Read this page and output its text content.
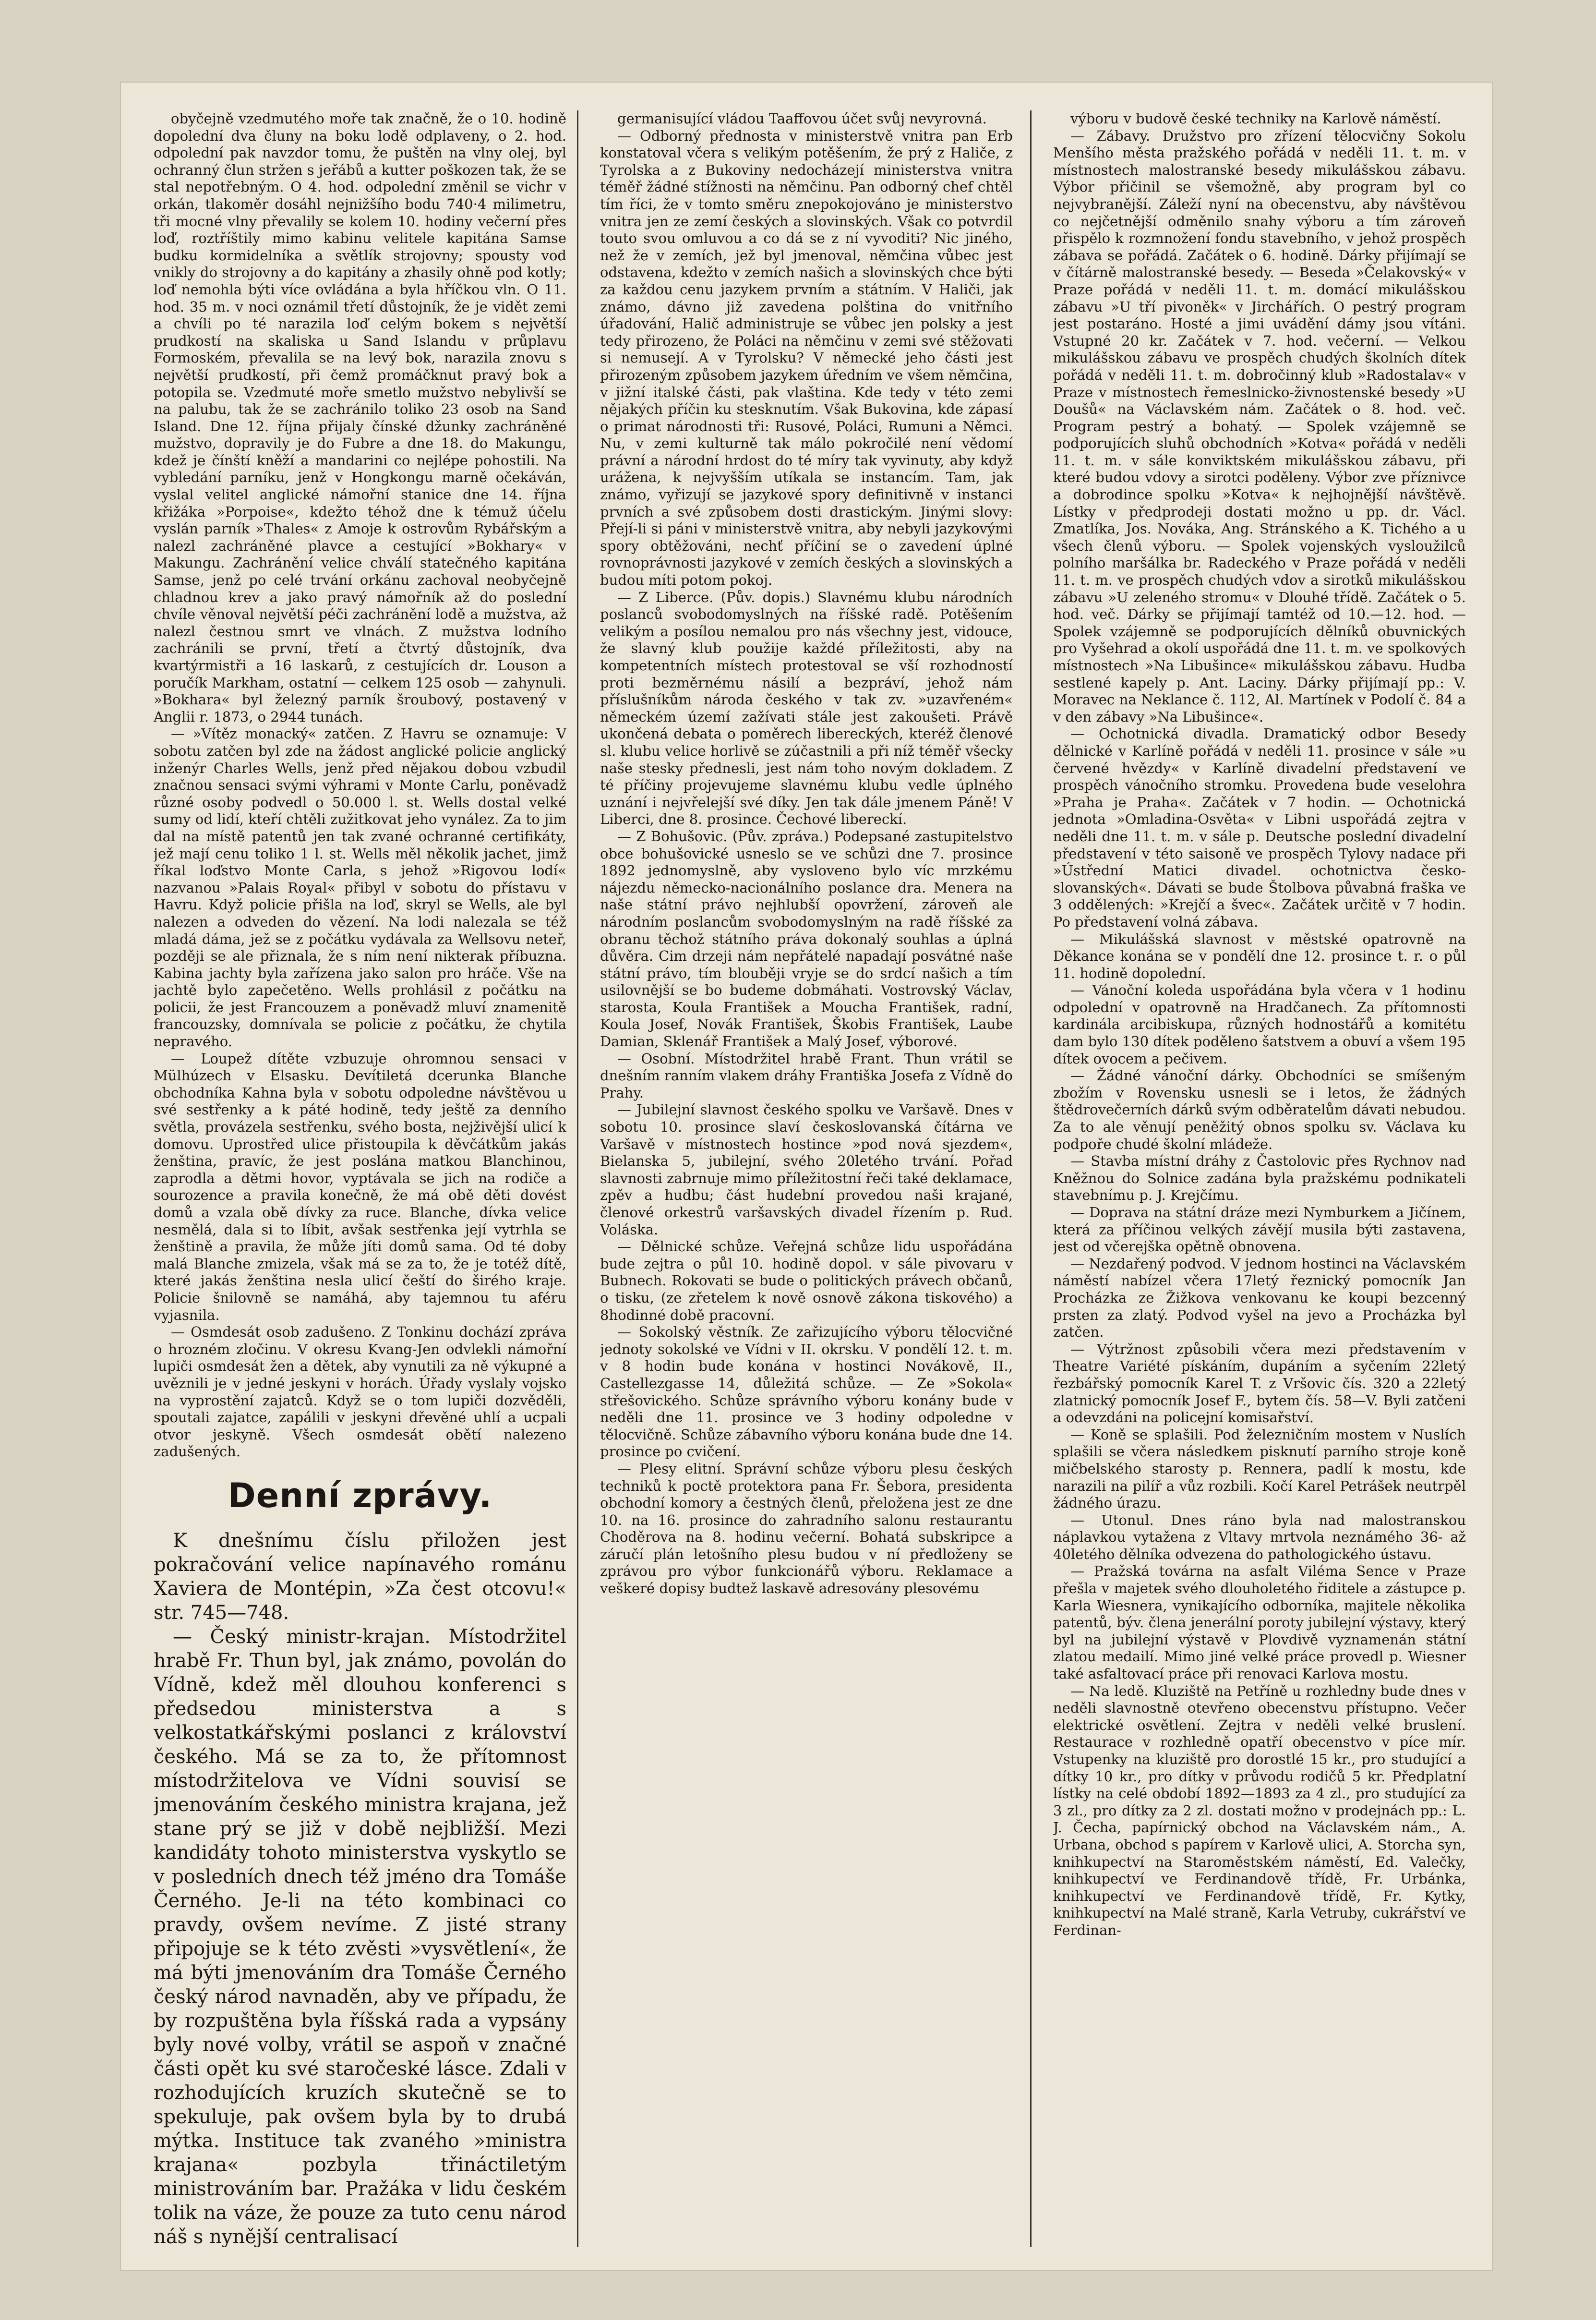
obyčejně vzedmutého moře tak značně, že o 10. hodině dopolední dva čluny na boku lodě odplaveny, o 2. hod. odpolední pak navzdor tomu, že puštěn na vlny olej, byl ochranný člun stržen s jeřábů a kutter poškozen tak, že se stal nepotřebným. O 4. hod. odpolední změnil se vichr v orkán, tlakoměr dosáhl nejnižšího bodu 740·4 milimetru, tři mocné vlny převalily se kolem 10. hodiny večerní přes loď, roztříštily mimo kabinu velitele kapitána Samse budku kormidelníka a světlík strojovny; spousty vod vnikly do strojovny a do kapitány a zhasily ohně pod kotly; loď nemohla býti více ovládána a byla hříčkou vln. O 11. hod. 35 m. v noci oznámil třetí důstojník, že je vidět zemi a chvíli po té narazila loď celým bokem s největší prudkostí na skaliska u Sand Islandu v průplavu Formoském, převalila se na levý bok, narazila znovu s největší prudkostí, při čemž promáčknut pravý bok a potopila se. Vzedmuté moře smetlo mužstvo nebylivší se na palubu, tak že se zachránilo toliko 23 osob na Sand Island. Dne 12. října přijaly čínské džunky zachráněné mužstvo, dopravily je do Fubre a dne 18. do Makungu, kdež je čínští kněží a mandarini co nejlépe pohostili. Na vybledání parníku, jenž v Hongkongu marně očekáván, vyslal velitel anglické námořní stanice dne 14. října křižáka »Porpoise«, kdežto téhož dne k témuž účelu vyslán parník »Thales« z Amoje k ostrovům Rybářským a nalezl zachráněné plavce a cestující »Bokhary« v Makungu. Zachránění velice chválí statečného kapitána Samse, jenž po celé trvání orkánu zachoval neobyčejně chladnou krev a jako pravý námořník až do poslední chvíle věnoval největší péči zachránění lodě a mužstva, až nalezl čestnou smrt ve vlnách. Z mužstva lodního zachránili se první, třetí a čtvrtý důstojník, dva kvartýrmistři a 16 laskarů, z cestujících dr. Louson a poručík Markham, ostatní — celkem 125 osob — zahynuli. »Bokhara« byl železný parník šroubový, postavený v Anglii r. 1873, o 2944 tunách.

— »Vítěz monacký« zatčen. Z Havru se oznamuje: V sobotu zatčen byl zde na žádost anglické policie anglický inženýr Charles Wells, jenž před nějakou dobou vzbudil značnou sensaci svými výhrami v Monte Carlu, poněvadž různé osoby podvedl o 50.000 l. st. Wells dostal velké sumy od lidí, kteří chtěli zužitkovat jeho vynález. Za to jim dal na místě patentů jen tak zvané ochranné certifikáty, jež mají cenu toliko 1 l. st. Wells měl několik jachet, jimž říkal loďstvo Monte Carla, s jehož »Rigovou lodí« nazvanou »Palais Royal« přibyl v sobotu do přístavu v Havru. Když policie přišla na loď, skryl se Wells, ale byl nalezen a odveden do vězení. Na lodi nalezala se též mladá dáma, jež se z počátku vydávala za Wellsovu neteř, později se ale přiznala, že s ním není nikterak příbuzna. Kabina jachty byla zařízena jako salon pro hráče. Vše na jachtě bylo zapečetěno. Wells prohlásil z počátku na policii, že jest Francouzem a poněvadž mluví znamenitě francouzsky, domnívala se policie z počátku, že chytila nepravého.

— Loupež dítěte vzbuzuje ohromnou sensaci v Mülhúzech v Elsasku. Devítiletá dcerunka Blanche obchodníka Kahna byla v sobotu odpoledne návštěvou u své sestřenky a k páté hodině, tedy ještě za denního světla, provázela sestřenku, svého bosta, nejživější ulicí k domovu. Uprostřed ulice přistoupila k děvčátkům jakás ženština, pravíc, že jest poslána matkou Blanchinou, zaprodla a dětmi hovor, vyptávala se jich na rodiče a sourozence a pravila konečně, že má obě děti dovést domů a vzala obě dívky za ruce. Blanche, dívka velice nesmělá, dala si to líbit, avšak sestřenka její vytrhla se ženštině a pravila, že může jíti domů sama. Od té doby malá Blanche zmizela, však má se za to, že je totéž dítě, které jakás ženština nesla ulicí čeští do širého kraje. Policie šnilovně se namáhá, aby tajemnou tu aféru vyjasnila.

— Osmdesát osob zadušeno. Z Tonkinu dochází zpráva o hrozném zločinu. V okresu Kvang-Jen odvlekli námořní lupiči osmdesát žen a dětek, aby vynutili za ně výkupné a uvěznili je v jedné jeskyni v horách. Úřady vyslaly vojsko na vyprostění zajatců. Když se o tom lupiči dozvěděli, spoutali zajatce, zapálili v jeskyni dřevěné uhlí a ucpali otvor jeskyně. Všech osmdesát obětí nalezeno zadušených.

Denní zprávy.

K dnešnímu číslu přiložen jest pokračování velice napínavého románu Xaviera de Montépin, »Za čest otcovu!« str. 745—748.

— Český ministr-krajan. Místodržitel hrabě Fr. Thun byl, jak známo, povolán do Vídně, kdež měl dlouhou konferenci s předsedou ministerstva a s velkostatkářskými poslanci z království českého. Má se za to, že přítomnost místodržitelova ve Vídni souvisí se jmenováním českého ministra krajana, jež stane prý se již v době nejbližší. Mezi kandidáty tohoto ministerstva vyskytlo se v posledních dnech též jméno dra Tomáše Černého. Je-li na této kombinaci co pravdy, ovšem nevíme. Z jisté strany připojuje se k této zvěsti »vysvětlení«, že má býti jmenováním dra Tomáše Černého český národ navnaděn, aby ve případu, že by rozpuštěna byla říšská rada a vypsány byly nové volby, vrátil se aspoň v značné části opět ku své staročeské lásce. Zdali v rozhodujících kruzích skutečně se to spekuluje, pak ovšem byla by to drubá mýtka. Instituce tak zvaného »ministra krajana« pozbyla třináctiletým ministrováním bar. Pražáka v lidu českém tolik na váze, že pouze za tuto cenu národ náš s nynější centralisací

germanisující vládou Taaffovou účet svůj nevyrovná.

— Odborný přednosta v ministerstvě vnitra pan Erb konstatoval včera s velikým potěšením, že prý z Haliče, z Tyrolska a z Bukoviny nedocházejí ministerstva vnitra téměř žádné stížnosti na němčinu. Pan odborný chef chtěl tím říci, že v tomto směru znepokojováno je ministerstvo vnitra jen ze zemí českých a slovinských. Však co potvrdil touto svou omluvou a co dá se z ní vyvoditi? Nic jiného, než že v zemích, jež byl jmenoval, němčina vůbec jest odstavena, kdežto v zemích našich a slovinských chce býti za každou cenu jazykem prvním a státním. V Haliči, jak známo, dávno již zavedena polština do vnitřního úřadování, Halič administruje se vůbec jen polsky a jest tedy přirozeno, že Poláci na němčinu v zemi své stěžovati si nemusejí. A v Tyrolsku? V německé jeho části jest přirozeným způsobem jazykem úředním ve všem němčina, v jižní italské části, pak vlaština. Kde tedy v této zemi nějakých příčin ku stesknutím. Však Bukovina, kde zápasí o primat národnosti tři: Rusové, Poláci, Rumuni a Němci. Nu, v zemi kulturně tak málo pokročilé není vědomí právní a národní hrdost do té míry tak vyvinuty, aby když urážena, k nejvyšším utíkala se instancím. Tam, jak známo, vyřizují se jazykové spory definitivně v instanci prvních a své způsobem dosti drastickým. Jinými slovy: Přejí-li si páni v ministerstvě vnitra, aby nebyli jazykovými spory obtěžováni, nechť příčiní se o zavedení úplné rovnoprávnosti jazykové v zemích českých a slovinských a budou míti potom pokoj.

— Z Liberce. (Pův. dopis.) Slavnému klubu národních poslanců svobodomyslných na říšské radě. Potěšením velikým a posílou nemalou pro nás všechny jest, vidouce, že slavný klub použije každé příležitosti, aby na kompetentních místech protestoval se vší rozhodností proti bezměrnému násilí a bezpráví, jehož nám příslušníkům národa českého v tak zv. »uzavřeném« německém území zažívati stále jest zakoušeti. Právě ukončená debata o poměrech libereckých, kteréž členové sl. klubu velice horlivě se zúčastnili a při níž téměř všecky naše stesky přednesli, jest nám toho novým dokladem. Z té příčiny projevujeme slavnému klubu vedle úplného uznání i nejvřelejší své díky. Jen tak dále jmenem Páně! V Liberci, dne 8. prosince. Čechové libereckí.

— Z Bohušovic. (Pův. zpráva.) Podepsané zastupitelstvo obce bohušovické usneslo se ve schůzi dne 7. prosince 1892 jednomyslně, aby vysloveno bylo víc mrzkému nájezdu německo-nacionálního poslance dra. Menera na naše státní právo nejhlubší opovržení, zároveň ale národním poslancům svobodomyslným na radě říšské za obranu těchož státního práva dokonalý souhlas a úplná důvěra. Cim drzeji nám nepřátelé napadají posvátné naše státní právo, tím blouběji vryje se do srdcí našich a tím usilovnější se bo budeme dobmáhati. Vostrovský Václav, starosta, Koula František a Moucha František, radní, Koula Josef, Novák František, Škobis František, Laube Damian, Sklenář František a Malý Josef, výborové.

— Osobní. Místodržitel hrabě Frant. Thun vrátil se dnešním ranním vlakem dráhy Františka Josefa z Vídně do Prahy.

— Jubilejní slavnost českého spolku ve Varšavě. Dnes v sobotu 10. prosince slaví českoslovanská čítárna ve Varšavě v místnostech hostince »pod nová sjezdem«, Bielanska 5, jubilejní, svého 20letého trvání. Pořad slavnosti zabrnuje mimo příležitostní řeči také deklamace, zpěv a hudbu; část hudební provedou naši krajané, členové orkestrů varšavských divadel řízením p. Rud. Voláska.

— Dělnické schůze. Veřejná schůze lidu uspořádána bude zejtra o půl 10. hodině dopol. v sále pivovaru v Bubnech. Rokovati se bude o politických právech občanů, o tisku, (ze zřetelem k nově osnově zákona tiskového) a 8hodinné době pracovní.

— Sokolský věstník. Ze zařizujícího výboru tělocvičné jednoty sokolské ve Vídni v II. okrsku. V pondělí 12. t. m. v 8 hodin bude konána v hostinci Novákově, II., Castellezgasse 14, důležitá schůze. — Ze »Sokola« střešovického. Schůze správního výboru konány bude v neděli dne 11. prosince ve 3 hodiny odpoledne v tělocvičně. Schůze zábavního výboru konána bude dne 14. prosince po cvičení.

— Plesy elitní. Správní schůze výboru plesu českých techniků k poctě protektora pana Fr. Šebora, presidenta obchodní komory a čestných členů, přeložena jest ze dne 10. na 16. prosince do zahradního salonu restaurantu Choděrova na 8. hodinu večerní. Bohatá subskripce a záručí plán letošního plesu budou v ní předloženy se zprávou pro výbor funkcionářů výboru. Reklamace a veškeré dopisy budtež laskavě adresovány plesovému

výboru v budově české techniky na Karlově náměstí.

— Zábavy. Družstvo pro zřízení tělocvičny Sokolu Menšího města pražského pořádá v neděli 11. t. m. v místnostech malostranské besedy mikulášskou zábavu. Výbor přičinil se všemožně, aby program byl co nejvybranější. Záleží nyní na obecenstvu, aby návštěvou co nejčetnější odměnilo snahy výboru a tím zároveň přispělo k rozmnožení fondu stavebního, v jehož prospěch zábava se pořádá. Začátek o 6. hodině. Dárky přijímají se v čítárně malostranské besedy. — Beseda »Čelakovský« v Praze pořádá v neděli 11. t. m. domácí mikulášskou zábavu »U tří pivoněk« v Jirchářích. O pestrý program jest postaráno. Hosté a jimi uvádění dámy jsou vítáni. Vstupné 20 kr. Začátek v 7. hod. večerní. — Velkou mikulášskou zábavu ve prospěch chudých školních dítek pořádá v neděli 11. t. m. dobročinný klub »Radostalav« v Praze v místnostech řemeslnicko-živnostenské besedy »U Doušů« na Václavském nám. Začátek o 8. hod. več. Program pestrý a bohatý. — Spolek vzájemně se podporujících sluhů obchodních »Kotva« pořádá v neděli 11. t. m. v sále konviktském mikulášskou zábavu, při které budou vdovy a sirotci poděleny. Výbor zve příznivce a dobrodince spolku »Kotva« k nejhojnější návštěvě. Lístky v předprodeji dostati možno u pp. dr. Václ. Zmatlíka, Jos. Nováka, Ang. Stránského a K. Tichého a u všech členů výboru. — Spolek vojenských vysloužilců polního maršálka br. Radeckého v Praze pořádá v neděli 11. t. m. ve prospěch chudých vdov a sirotků mikulášskou zábavu »U zeleného stromu« v Dlouhé třídě. Začátek o 5. hod. več. Dárky se přijímají tamtéž od 10.—12. hod. — Spolek vzájemně se podporujících dělníků obuvnických pro Vyšehrad a okolí uspořádá dne 11. t. m. ve spolkových místnostech »Na Libušince« mikulášskou zábavu. Hudba sestlené kapely p. Ant. Laciny. Dárky přijímají pp.: V. Moravec na Neklance č. 112, Al. Martínek v Podolí č. 84 a v den zábavy »Na Libušince«.

— Ochotnická divadla. Dramatický odbor Besedy dělnické v Karlíně pořádá v neděli 11. prosince v sále »u červené hvězdy« v Karlíně divadelní představení ve prospěch vánočního stromku. Provedena bude veselohra »Praha je Praha«. Začátek v 7 hodin. — Ochotnická jednota »Omladina-Osvěta« v Libni uspořádá zejtra v neděli dne 11. t. m. v sále p. Deutsche poslední divadelní představení v této saisoně ve prospěch Tylovy nadace při »Ústřední Matici divadel. ochotnictva česko-slovanských«. Dávati se bude Štolbova půvabná fraška ve 3 oddělených: »Krejčí a švec«. Začátek určitě v 7 hodin. Po představení volná zábava.

— Mikulášská slavnost v městské opatrovně na Děkance konána se v pondělí dne 12. prosince t. r. o půl 11. hodině dopolední.

— Vánoční koleda uspořádána byla včera v 1 hodinu odpolední v opatrovně na Hradčanech. Za přítomnosti kardinála arcibiskupa, různých hodnostářů a komitétu dam bylo 130 dítek poděleno šatstvem a obuví a všem 195 dítek ovocem a pečivem.

— Žádné vánoční dárky. Obchodníci se smíšeným zbožím v Rovensku usnesli se i letos, že žádných štědrovečerních dárků svým odběratelům dávati nebudou. Za to ale věnují peněžitý obnos spolku sv. Václava ku podpoře chudé školní mládeže.

— Stavba místní dráhy z Častolovic přes Rychnov nad Kněžnou do Solnice zadána byla pražskému podnikateli stavebnímu p. J. Krejčímu.

— Doprava na státní dráze mezi Nymburkem a Jičínem, která za příčinou velkých závějí musila býti zastavena, jest od včerejška opětně obnovena.

— Nezdařený podvod. V jednom hostinci na Václavském náměstí nabízel včera 17letý řeznický pomocník Jan Procházka ze Žižkova venkovanu ke koupi bezcenný prsten za zlatý. Podvod vyšel na jevo a Procházka byl zatčen.

— Výtržnost způsobili včera mezi představením v Theatre Variété pískáním, dupáním a syčením 22letý řezbářský pomocník Karel T. z Vršovic čís. 320 a 22letý zlatnický pomocník Josef F., bytem čís. 58—V. Byli zatčeni a odevzdáni na policejní komisařství.

— Koně se splašili. Pod železničním mostem v Nuslích splašili se včera následkem pisknutí parního stroje koně mičbelského starosty p. Rennera, padlí k mostu, kde narazili na pilíř a vůz rozbili. Kočí Karel Petrášek neutrpěl žádného úrazu.

— Utonul. Dnes ráno byla nad malostranskou náplavkou vytažena z Vltavy mrtvola neznámého 36- až 40letého dělníka odvezena do pathologického ústavu.

— Pražská továrna na asfalt Viléma Sence v Praze přešla v majetek svého dlouholetého řiditele a zástupce p. Karla Wiesnera, vynikajícího odborníka, majitele několika patentů, býv. člena jenerální poroty jubilejní výstavy, který byl na jubilejní výstavě v Plovdivě vyznamenán státní zlatou medailí. Mimo jiné velké práce provedl p. Wiesner také asfaltovací práce při renovaci Karlova mostu.

— Na ledě. Kluziště na Petříně u rozhledny bude dnes v neděli slavnostně otevřeno obecenstvu přístupno. Večer elektrické osvětlení. Zejtra v neděli velké bruslení. Restaurace v rozhledně opatří obecenstvo v píce mír. Vstupenky na kluziště pro dorostlé 15 kr., pro studující a dítky 10 kr., pro dítky v průvodu rodičů 5 kr. Předplatní lístky na celé období 1892—1893 za 4 zl., pro studující za 3 zl., pro dítky za 2 zl. dostati možno v prodejnách pp.: L. J. Čecha, papírnický obchod na Václavském nám., A. Urbana, obchod s papírem v Karlově ulici, A. Storcha syn, knihkupectví na Staroměstském náměstí, Ed. Valečky, knihkupectví ve Ferdinandově třídě, Fr. Urbánka, knihkupectví ve Ferdinandově třídě, Fr. Kytky, knihkupectví na Malé straně, Karla Vetruby, cukrářství ve Ferdinan-
